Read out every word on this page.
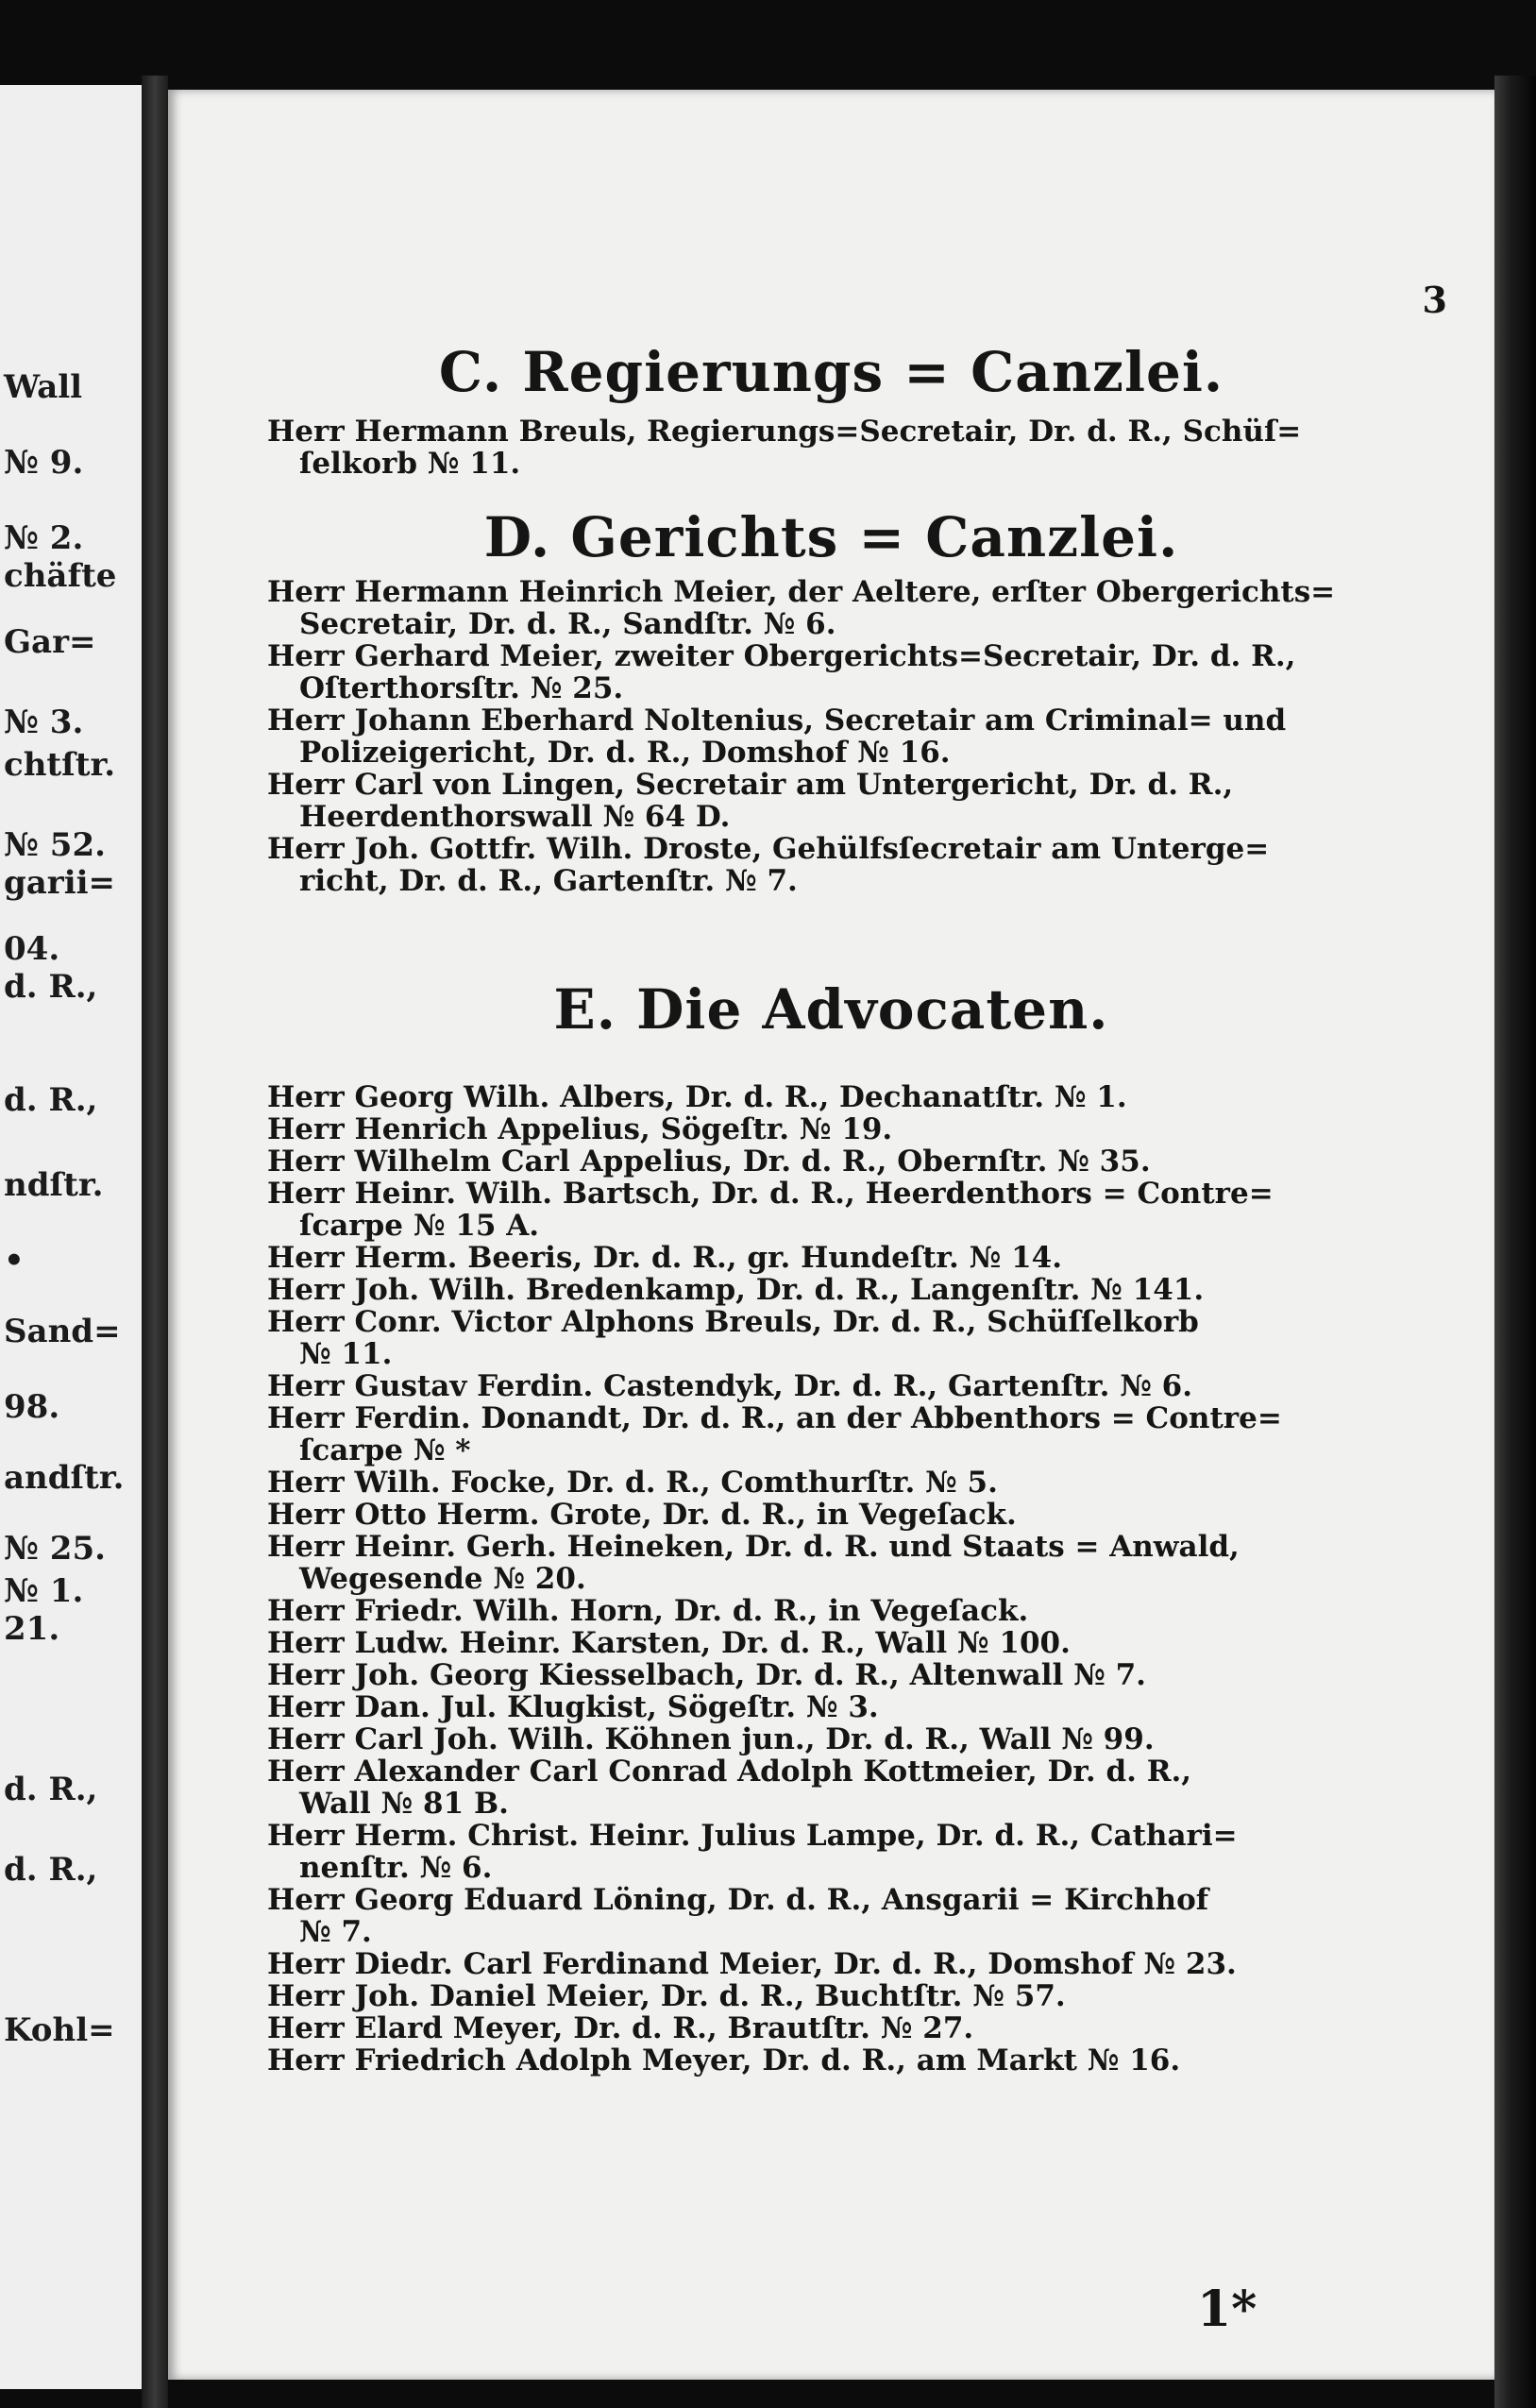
Wall
№ 9.
№ 2.
chäfte
Gar=
№ 3.
chtſtr.
№ 52.
garii=
04.
d. R.,
d. R.,
ndſtr.
•
Sand=
98.
andſtr.
№ 25.
№ 1.
21.
d. R.,
d. R.,
Kohl=
3
C. Regierungs = Canzlei.
Herr Hermann Breuls, Regierungs=Secretair, Dr. d. R., Schüſ=
ſelkorb № 11.
D. Gerichts = Canzlei.
Herr Hermann Heinrich Meier, der Aeltere, erſter Obergerichts=
Secretair, Dr. d. R., Sandſtr. № 6.
Herr Gerhard Meier, zweiter Obergerichts=Secretair, Dr. d. R.,
Oſterthorsſtr. № 25.
Herr Johann Eberhard Noltenius, Secretair am Criminal= und
Polizeigericht, Dr. d. R., Domshof № 16.
Herr Carl von Lingen, Secretair am Untergericht, Dr. d. R.,
Heerdenthorswall № 64 D.
Herr Joh. Gottfr. Wilh. Droste, Gehülfsſecretair am Unterge=
richt, Dr. d. R., Gartenſtr. № 7.
E. Die Advocaten.
Herr Georg Wilh. Albers, Dr. d. R., Dechanatſtr. № 1.
Herr Henrich Appelius, Sögeſtr. № 19.
Herr Wilhelm Carl Appelius, Dr. d. R., Obernſtr. № 35.
Herr Heinr. Wilh. Bartsch, Dr. d. R., Heerdenthors = Contre=
ſcarpe № 15 A.
Herr Herm. Beeris, Dr. d. R., gr. Hundeſtr. № 14.
Herr Joh. Wilh. Bredenkamp, Dr. d. R., Langenſtr. № 141.
Herr Conr. Victor Alphons Breuls, Dr. d. R., Schüſſelkorb
№ 11.
Herr Gustav Ferdin. Castendyk, Dr. d. R., Gartenſtr. № 6.
Herr Ferdin. Donandt, Dr. d. R., an der Abbenthors = Contre=
ſcarpe № *
Herr Wilh. Focke, Dr. d. R., Comthurſtr. № 5.
Herr Otto Herm. Grote, Dr. d. R., in Vegeſack.
Herr Heinr. Gerh. Heineken, Dr. d. R. und Staats = Anwald,
Wegesende № 20.
Herr Friedr. Wilh. Horn, Dr. d. R., in Vegeſack.
Herr Ludw. Heinr. Karsten, Dr. d. R., Wall № 100.
Herr Joh. Georg Kiesselbach, Dr. d. R., Altenwall № 7.
Herr Dan. Jul. Klugkist, Sögeſtr. № 3.
Herr Carl Joh. Wilh. Köhnen jun., Dr. d. R., Wall № 99.
Herr Alexander Carl Conrad Adolph Kottmeier, Dr. d. R.,
Wall № 81 B.
Herr Herm. Christ. Heinr. Julius Lampe, Dr. d. R., Cathari=
nenſtr. № 6.
Herr Georg Eduard Löning, Dr. d. R., Ansgarii = Kirchhof
№ 7.
Herr Diedr. Carl Ferdinand Meier, Dr. d. R., Domshof № 23.
Herr Joh. Daniel Meier, Dr. d. R., Buchtſtr. № 57.
Herr Elard Meyer, Dr. d. R., Brautſtr. № 27.
Herr Friedrich Adolph Meyer, Dr. d. R., am Markt № 16.
1*
